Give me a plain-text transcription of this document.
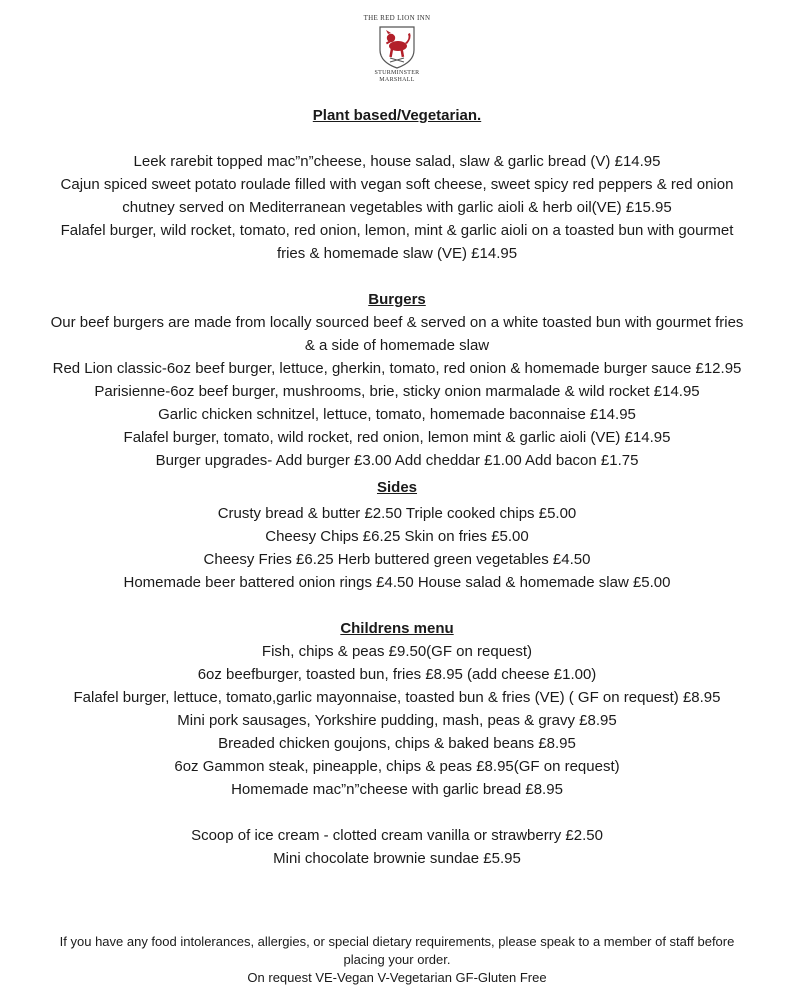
THE RED LION INN
STURMINSTER
MARSHALL
Plant based/Vegetarian.
Leek rarebit topped mac”n”cheese, house salad, slaw & garlic bread (V) £14.95
Cajun spiced sweet potato roulade filled with vegan soft cheese, sweet spicy red peppers & red onion
chutney served on Mediterranean vegetables with garlic aioli & herb oil(VE) £15.95
Falafel burger, wild rocket, tomato, red onion, lemon, mint & garlic aioli on a toasted bun with gourmet
fries & homemade slaw (VE) £14.95
Burgers
Our beef burgers are made from locally sourced beef & served on a white toasted bun with gourmet fries
& a side of homemade slaw
Red Lion classic-6oz beef burger, lettuce, gherkin, tomato, red onion & homemade burger sauce £12.95
Parisienne-6oz beef burger, mushrooms, brie, sticky onion marmalade & wild rocket £14.95
Garlic chicken schnitzel, lettuce, tomato, homemade baconnaise £14.95
Falafel burger, tomato, wild rocket, red onion, lemon mint & garlic aioli (VE) £14.95
Burger upgrades- Add burger £3.00 Add cheddar £1.00 Add bacon £1.75
Sides
Crusty bread & butter £2.50 Triple cooked chips £5.00
Cheesy Chips £6.25 Skin on fries £5.00
Cheesy Fries £6.25 Herb buttered green vegetables £4.50
Homemade beer battered onion rings £4.50 House salad & homemade slaw £5.00
Childrens menu
Fish, chips & peas £9.50(GF on request)
6oz beefburger, toasted bun, fries £8.95 (add cheese £1.00)
Falafel burger, lettuce, tomato,garlic mayonnaise, toasted bun & fries (VE) ( GF on request) £8.95
Mini pork sausages, Yorkshire pudding, mash, peas & gravy £8.95
Breaded chicken goujons, chips & baked beans £8.95
6oz Gammon steak, pineapple, chips & peas £8.95(GF on request)
Homemade mac”n”cheese with garlic bread £8.95
Scoop of ice cream - clotted cream vanilla or strawberry £2.50
Mini chocolate brownie sundae £5.95
If you have any food intolerances, allergies, or special dietary requirements, please speak to a member of staff before
placing your order.
On request VE-Vegan V-Vegetarian GF-Gluten Free
